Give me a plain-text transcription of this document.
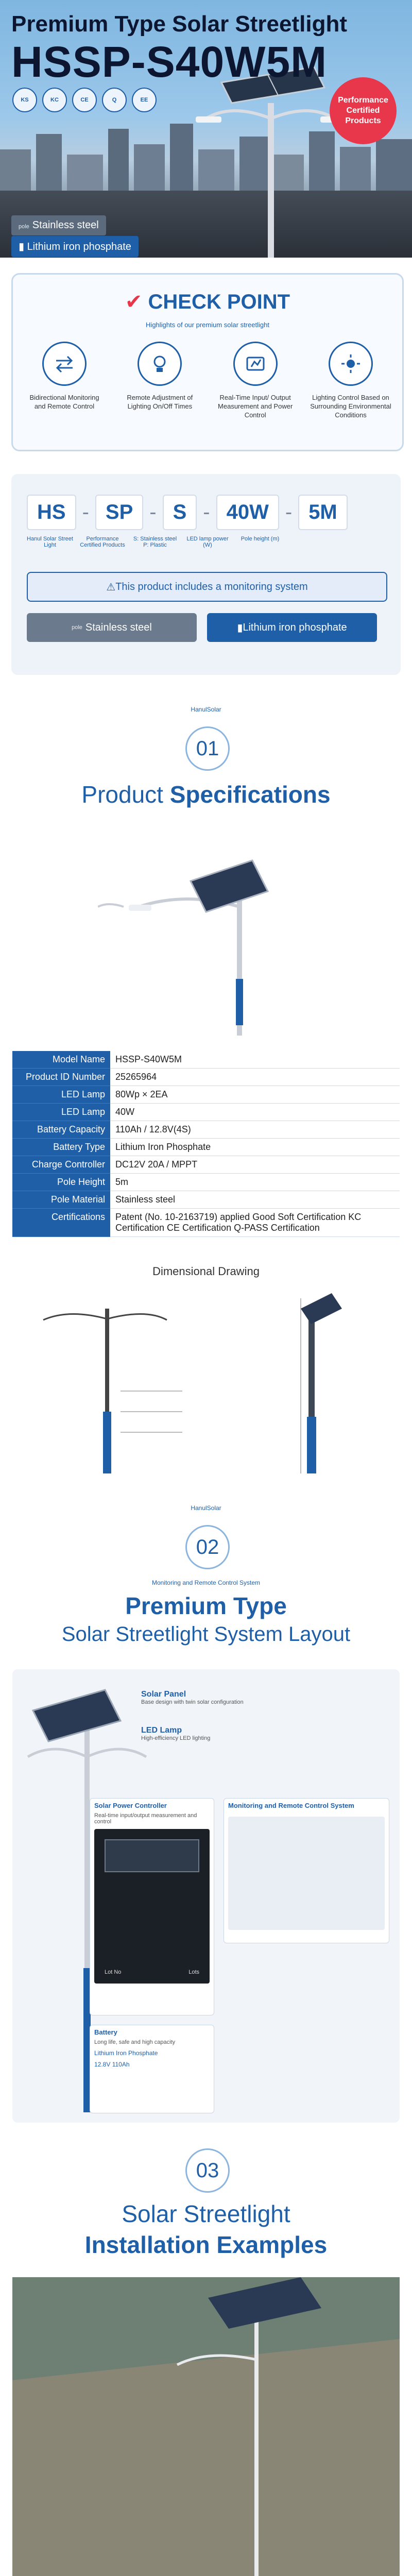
Premium Type Solar Streetlight
HSSP-S40W5M
KS	KC	CE	Q	EE	Performance Certified Products
pole Stainless steel
▮ Lithium iron phosphate
✔ CHECK POINT
Highlights of our premium solar streetlight
Bidirectional Monitoring and Remote Control
Remote Adjustment of Lighting On/Off Times
Real-Time Input/ Output Measurement and Power Control
Lighting Control Based on Surrounding Environmental Conditions
HS - SP - S - 40W - 5M
Hanul Solar Street Light
Performance Certified Products
S: Stainless steel P: Plastic
LED lamp power (W)
Pole height (m)
⚠ This product includes a monitoring system
pole Stainless steel	▮ Lithium iron phosphate
HanulSolar
01
Product Specifications
Model Name	HSSP-S40W5M
Product ID Number	25265964
LED Lamp	80Wp × 2EA
LED Lamp	40W
Battery Capacity	110Ah / 12.8V(4S)
Battery Type	Lithium Iron Phosphate
Charge Controller	DC12V 20A / MPPT
Pole Height	5m
Pole Material	Stainless steel
Certifications	Patent (No. 10-2163719) applied Good Soft Certification KC Certification CE Certification Q-PASS Certification
Dimensional Drawing
HanulSolar
02
Monitoring and Remote Control System
Premium Type
Solar Streetlight System Layout
Solar Panel
Base design with twin solar configuration
LED Lamp
High-efficiency LED lighting
Solar Power Controller
Real-time input/output measurement and control
Lot No	Lots
Monitoring and Remote Control System
Battery
Long life, safe and high capacity
Lithium Iron Phosphate
12.8V 110Ah
03
Solar Streetlight
Installation Examples
